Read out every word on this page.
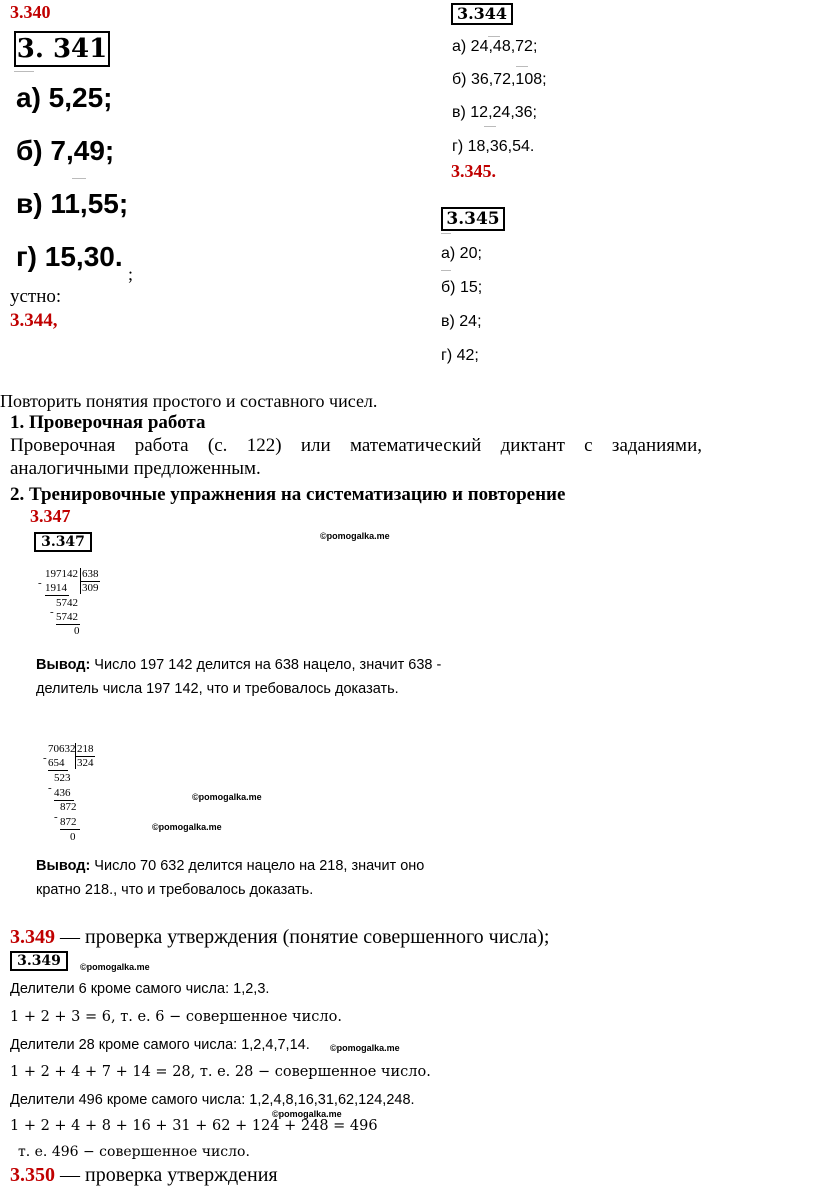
3.340
3. 341
а) 5,25;
б) 7,49;
в) 11,55;
г) 15,30.
;
устно:
3.344,
3.344
а) 24,48,72;
б) 36,72,108;
в) 12,24,36;
г) 18,36,54.
3.345.
3.345
а) 20;
б) 15;
в) 24;
г) 42;
Повторить понятия простого и составного чисел.
1. Проверочная работа
Проверочная работа (с. 122) или математический диктант с заданиями,
аналогичными предложенным.
2. Тренировочные упражнения на систематизацию и повторение
3.347
3.347	©pomogalka.me
197142 638
309
- 1914
5742
- 5742
0
Вывод: Число 197 142 делится на 638 нацело, значит 638 -
делитель числа 197 142, что и требовалось доказать.
70632 218
324
- 654
523
- 436
872
- 872
0
©pomogalka.me
©pomogalka.me
Вывод: Число 70 632 делится нацело на 218, значит оно
кратно 218., что и требовалось доказать.
3.349 — проверка утверждения (понятие совершенного числа);
3.349	©pomogalka.me
Делители 6 кроме самого числа: 1,2,3.
1 + 2 + 3 = 6, т. е. 6 − совершенное число.
Делители 28 кроме самого числа: 1,2,4,7,14. ©pomogalka.me
1 + 2 + 4 + 7 + 14 = 28, т. е. 28 − совершенное число.
Делители 496 кроме самого числа: 1,2,4,8,16,31,62,124,248.
©pomogalka.me
1 + 2 + 4 + 8 + 16 + 31 + 62 + 124 + 248 = 496
т. е. 496 − совершенное число.
3.350 — проверка утверждения
